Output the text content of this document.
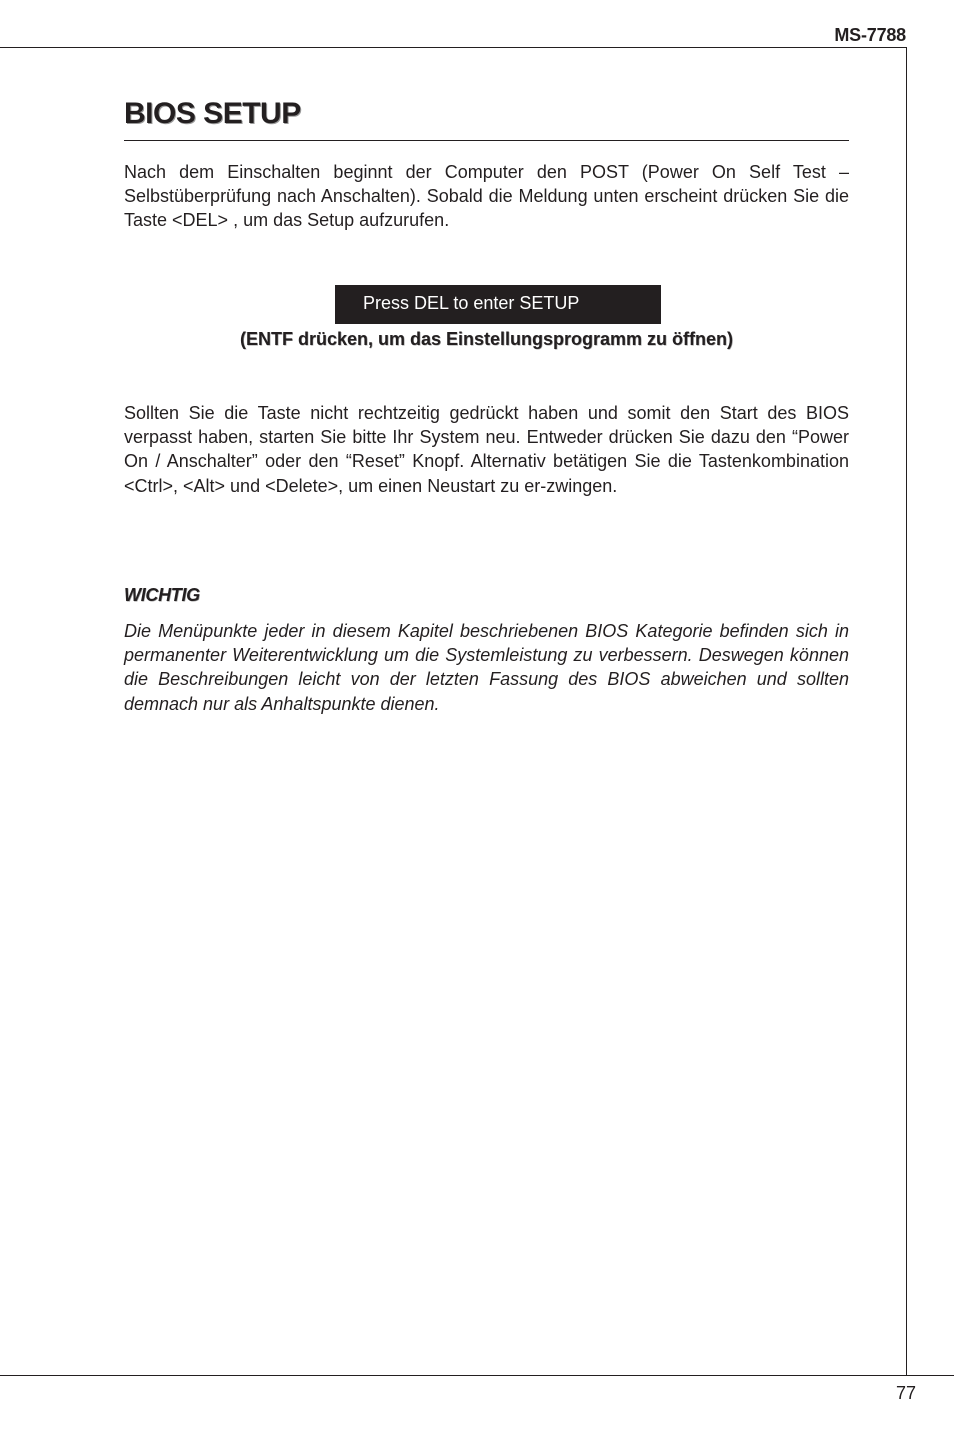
MS-7788
BIOS SETUP

Nach dem Einschalten beginnt der Computer den POST (Power On Self Test – Selbstüberprüfung nach Anschalten). Sobald die Meldung unten erscheint drücken Sie die Taste <DEL> , um das Setup aufzurufen.

Press DEL to enter SETUP

(ENTF drücken, um das Einstellungsprogramm zu öffnen)

Sollten Sie die Taste nicht rechtzeitig gedrückt haben und somit den Start des BIOS verpasst haben, starten Sie bitte Ihr System neu. Entweder drücken Sie dazu den “Power On / Anschalter” oder den “Reset” Knopf. Alternativ betätigen Sie die Tastenkombination <Ctrl>, <Alt> und <Delete>, um einen Neustart zu er-zwingen.

WICHTIG

Die Menüpunkte jeder in diesem Kapitel beschriebenen BIOS Kategorie befinden sich in permanenter Weiterentwicklung um die Systemleistung zu verbessern. Deswegen können die Beschreibungen leicht von der letzten Fassung des BIOS abweichen und sollten demnach nur als Anhaltspunkte dienen.

77
